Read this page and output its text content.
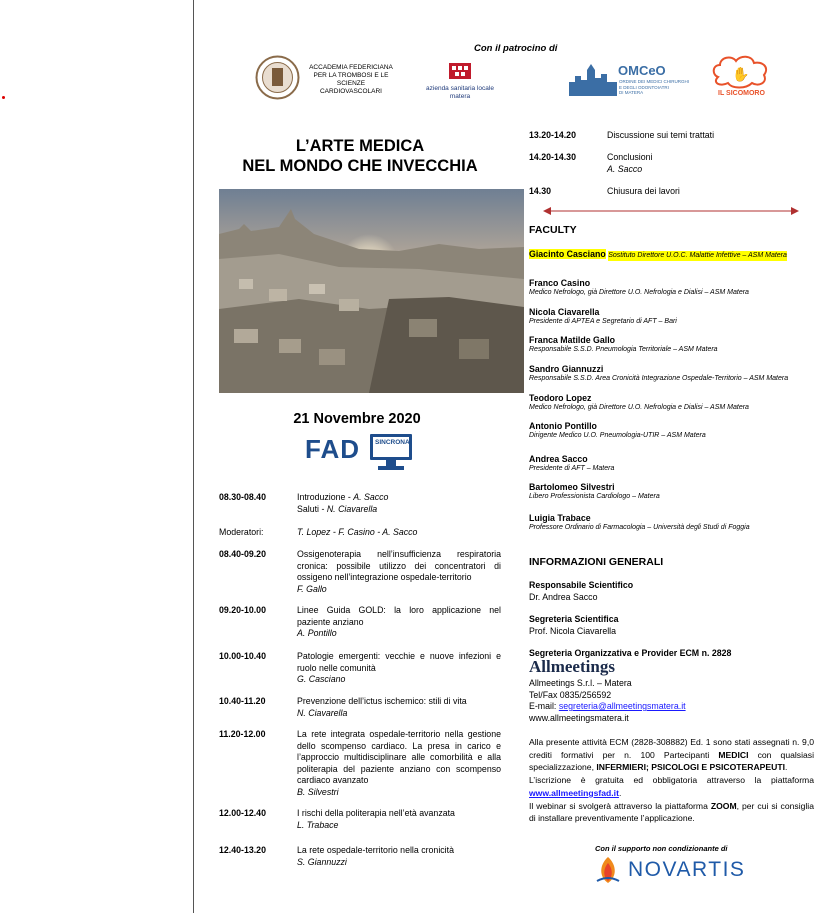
Con il patrocino di
ACCADEMIA FEDERICIANA
PER LA TROMBOSI E LE SCIENZE
CARDIOVASCOLARI	azienda sanitaria locale
matera
OMCeO
ORDINE DEI MEDICI CHIRURGHI
E DEGLI ODONTOIATRI
DI MATERA
✋
IL SICOMORO
L’ARTE MEDICA
NEL MONDO CHE INVECCHIA
21 Novembre 2020
FAD SINCRONA
08.30-08.40	Introduzione - A. Sacco
Saluti - N. Ciavarella
Moderatori:	T. Lopez - F. Casino - A. Sacco
08.40-09.20	Ossigenoterapia nell’insufficienza respiratoria cronica: possibile utilizzo dei concentratori di ossigeno nell’integrazione ospedale-territorio
F. Gallo
09.20-10.00	Linee Guida GOLD: la loro applicazione nel paziente anziano
A. Pontillo
10.00-10.40	Patologie emergenti: vecchie e nuove infezioni e ruolo nelle comunità
G. Casciano
10.40-11.20	Prevenzione dell’ictus ischemico: stili di vita
N. Ciavarella
11.20-12.00	La rete integrata ospedale-territorio nella gestione dello scompenso cardiaco. La presa in carico e l’approccio multidisciplinare alle comorbilità e alla politerapia del paziente anziano con scompenso cardiaco avanzato
B. Silvestri
12.00-12.40	I rischi della politerapia nell’età avanzata
L. Trabace
12.40-13.20	La rete ospedale-territorio nella cronicità
S. Giannuzzi
13.20-14.20	Discussione sui temi trattati
14.20-14.30	Conclusioni
A. Sacco
14.30	Chiusura dei lavori
FACULTY
Giacinto Casciano Sostituto Direttore U.O.C. Malattie Infettive – ASM Matera
Franco Casino
Medico Nefrologo, già Direttore U.O. Nefrologia e Dialisi – ASM Matera
Nicola Ciavarella
Presidente di APTEA e Segretario di AFT – Bari
Franca Matilde Gallo
Responsabile S.S.D. Pneumologia Territoriale – ASM Matera
Sandro Giannuzzi
Responsabile S.S.D. Area Cronicità Integrazione Ospedale-Territorio – ASM Matera
Teodoro Lopez
Medico Nefrologo, già Direttore U.O. Nefrologia e Dialisi – ASM Matera
Antonio Pontillo
Dirigente Medico U.O. Pneumologia-UTIR – ASM Matera
Andrea Sacco
Presidente di AFT – Matera
Bartolomeo Silvestri
Libero Professionista Cardiologo – Matera
Luigia Trabace
Professore Ordinario di Farmacologia – Università degli Studi di Foggia
INFORMAZIONI GENERALI
Responsabile Scientifico
Dr. Andrea Sacco
Segreteria Scientifica
Prof. Nicola Ciavarella
Segreteria Organizzativa e Provider ECM n. 2828
Allmeetings
Allmeetings S.r.l. – Matera
Tel/Fax 0835/256592
E-mail: segreteria@allmeetingsmatera.it
www.allmeetingsmatera.it
Alla presente attività ECM (2828-308882) Ed. 1 sono stati assegnati n. 9,0 crediti formativi per n. 100 Partecipanti MEDICI con qualsiasi specializzazione, INFERMIERI; PSICOLOGI E PSICOTERAPEUTI.
L’iscrizione è gratuita ed obbligatoria attraverso la piattaforma www.allmeetingsfad.it.
Il webinar si svolgerà attraverso la piattaforma ZOOM, per cui si consiglia di installare preventivamente l’applicazione.
Con il supporto non condizionante di
NOVARTIS
